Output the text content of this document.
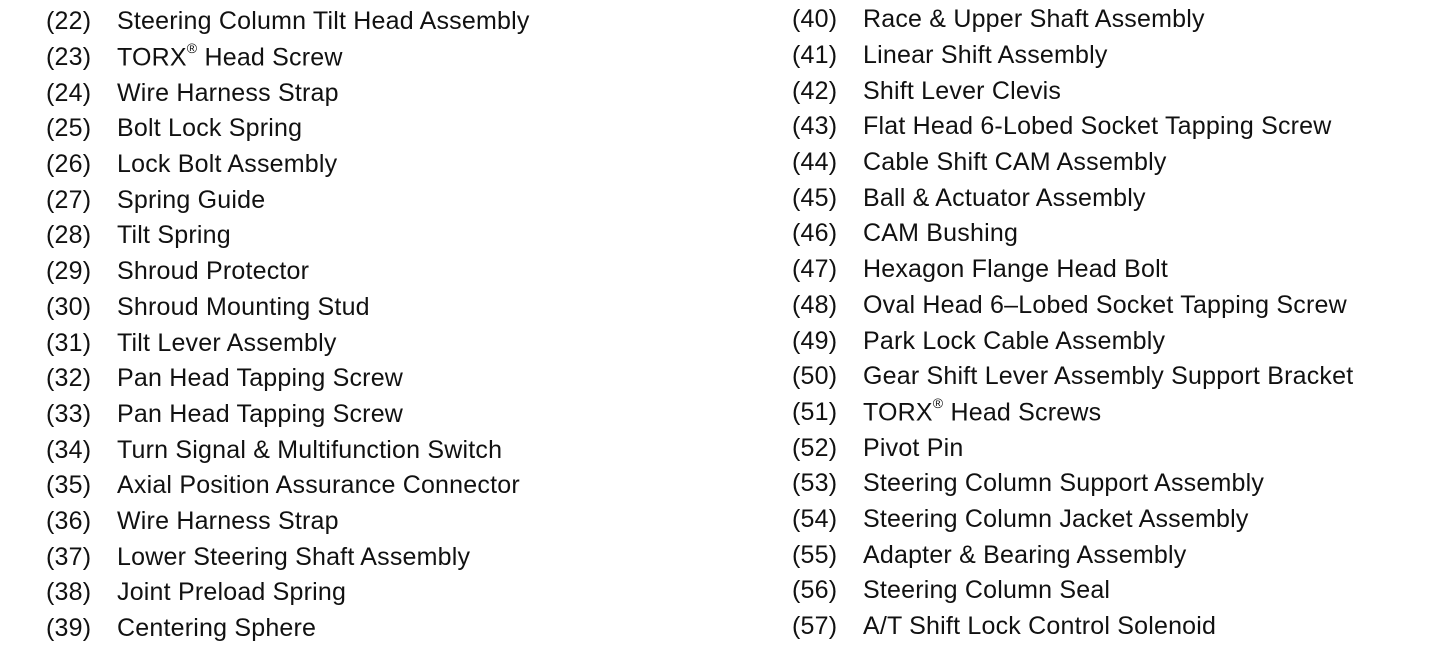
(22)	Steering Column Tilt Head Assembly
(23)	TORX® Head Screw
(24)	Wire Harness Strap
(25)	Bolt Lock Spring
(26)	Lock Bolt Assembly
(27)	Spring Guide
(28)	Tilt Spring
(29)	Shroud Protector
(30)	Shroud Mounting Stud
(31)	Tilt Lever Assembly
(32)	Pan Head Tapping Screw
(33)	Pan Head Tapping Screw
(34)	Turn Signal & Multifunction Switch
(35)	Axial Position Assurance Connector
(36)	Wire Harness Strap
(37)	Lower Steering Shaft Assembly
(38)	Joint Preload Spring
(39)	Centering Sphere
(40)	Race & Upper Shaft Assembly
(41)	Linear Shift Assembly
(42)	Shift Lever Clevis
(43)	Flat Head 6-Lobed Socket Tapping Screw
(44)	Cable Shift CAM Assembly
(45)	Ball & Actuator Assembly
(46)	CAM Bushing
(47)	Hexagon Flange Head Bolt
(48)	Oval Head 6–Lobed Socket Tapping Screw
(49)	Park Lock Cable Assembly
(50)	Gear Shift Lever Assembly Support Bracket
(51)	TORX® Head Screws
(52)	Pivot Pin
(53)	Steering Column Support Assembly
(54)	Steering Column Jacket Assembly
(55)	Adapter & Bearing Assembly
(56)	Steering Column Seal
(57)	A/T Shift Lock Control Solenoid
